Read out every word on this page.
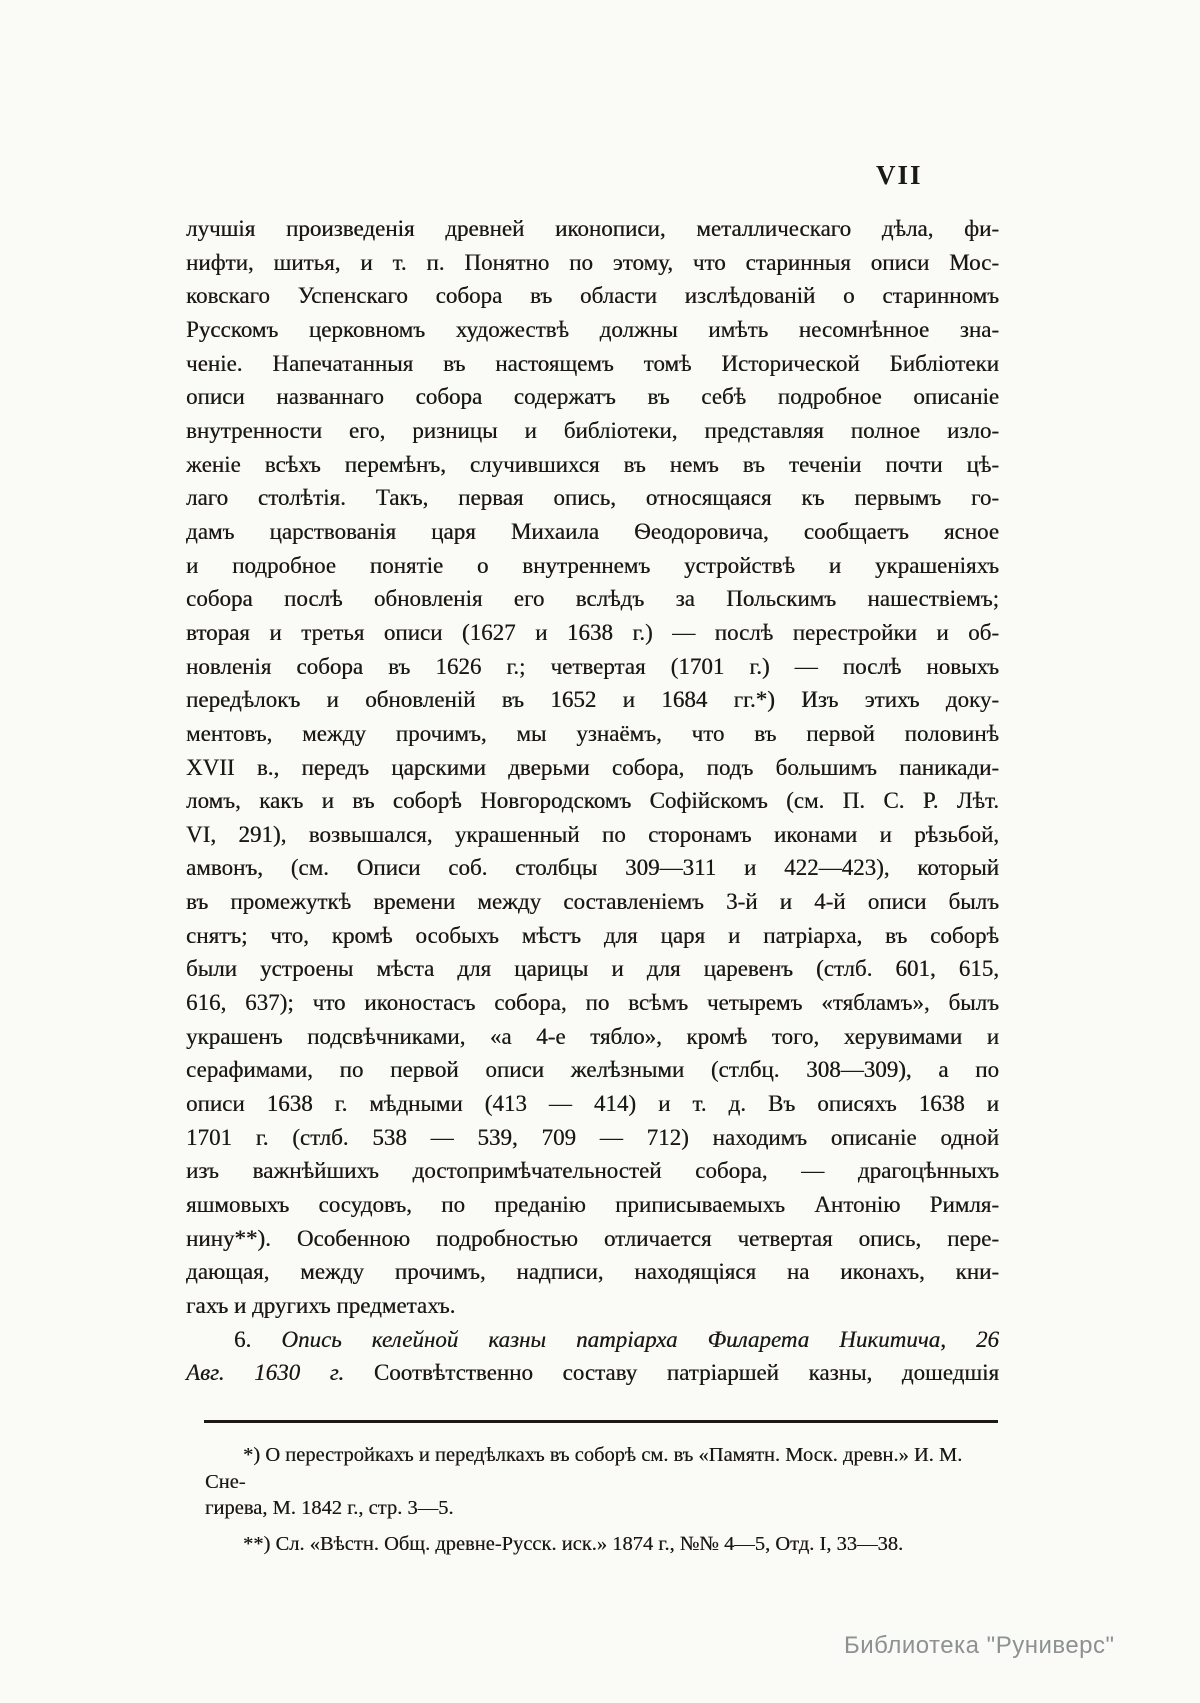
VII
лучшія произведенія древней иконописи, металлическаго дѣла, фи-
нифти, шитья, и т. п. Понятно по этому, что старинныя описи Мос-
ковскаго Успенскаго собора въ области изслѣдованій о старинномъ
Русскомъ церковномъ художествѣ должны имѣть несомнѣнное зна-
ченіе. Напечатанныя въ настоящемъ томѣ Исторической Библіотеки
описи названнаго собора содержатъ въ себѣ подробное описаніе
внутренности его, ризницы и библіотеки, представляя полное изло-
женіе всѣхъ перемѣнъ, случившихся въ немъ въ теченіи почти цѣ-
лаго столѣтія. Такъ, первая опись, относящаяся къ первымъ го-
дамъ царствованія царя Михаила Ѳеодоровича, сообщаетъ ясное
и подробное понятіе о внутреннемъ устройствѣ и украшеніяхъ
собора послѣ обновленія его вслѣдъ за Польскимъ нашествіемъ;
вторая и третья описи (1627 и 1638 г.) — послѣ перестройки и об-
новленія собора въ 1626 г.; четвертая (1701 г.) — послѣ новыхъ
передѣлокъ и обновленій въ 1652 и 1684 гг.*) Изъ этихъ доку-
ментовъ, между прочимъ, мы узнаёмъ, что въ первой половинѣ
XVII в., передъ царскими дверьми собора, подъ большимъ паникади-
ломъ, какъ и въ соборѣ Новгородскомъ Софійскомъ (см. П. С. Р. Лѣт.
VI, 291), возвышался, украшенный по сторонамъ иконами и рѣзьбой,
амвонъ, (см. Описи соб. столбцы 309—311 и 422—423), который
въ промежуткѣ времени между составленіемъ 3-й и 4-й описи былъ
снятъ; что, кромѣ особыхъ мѣстъ для царя и патріарха, въ соборѣ
были устроены мѣста для царицы и для царевенъ (стлб. 601, 615,
616, 637); что иконостасъ собора, по всѣмъ четыремъ «тябламъ», былъ
украшенъ подсвѣчниками, «а 4-е тябло», кромѣ того, херувимами и
серафимами, по первой описи желѣзными (стлбц. 308—309), а по
описи 1638 г. мѣдными (413 — 414) и т. д. Въ описяхъ 1638 и
1701 г. (стлб. 538 — 539, 709 — 712) находимъ описаніе одной
изъ важнѣйшихъ достопримѣчательностей собора, — драгоцѣнныхъ
яшмовыхъ сосудовъ, по преданію приписываемыхъ Антонію Римля-
нину**). Особенною подробностью отличается четвертая опись, пере-
дающая, между прочимъ, надписи, находящіяся на иконахъ, кни-
гахъ и другихъ предметахъ.
6. Опись келейной казны патріарха Филарета Никитича, 26
Авг. 1630 г. Соотвѣтственно составу патріаршей казны, дошедшія
*) О перестройкахъ и передѣлкахъ въ соборѣ см. въ «Памятн. Моск. древн.» И. М. Сне-
гирева, М. 1842 г., стр. 3—5.
**) Сл. «Вѣстн. Общ. древне-Русск. иск.» 1874 г., №№ 4—5, Отд. I, 33—38.
Библиотека "Руниверс"
